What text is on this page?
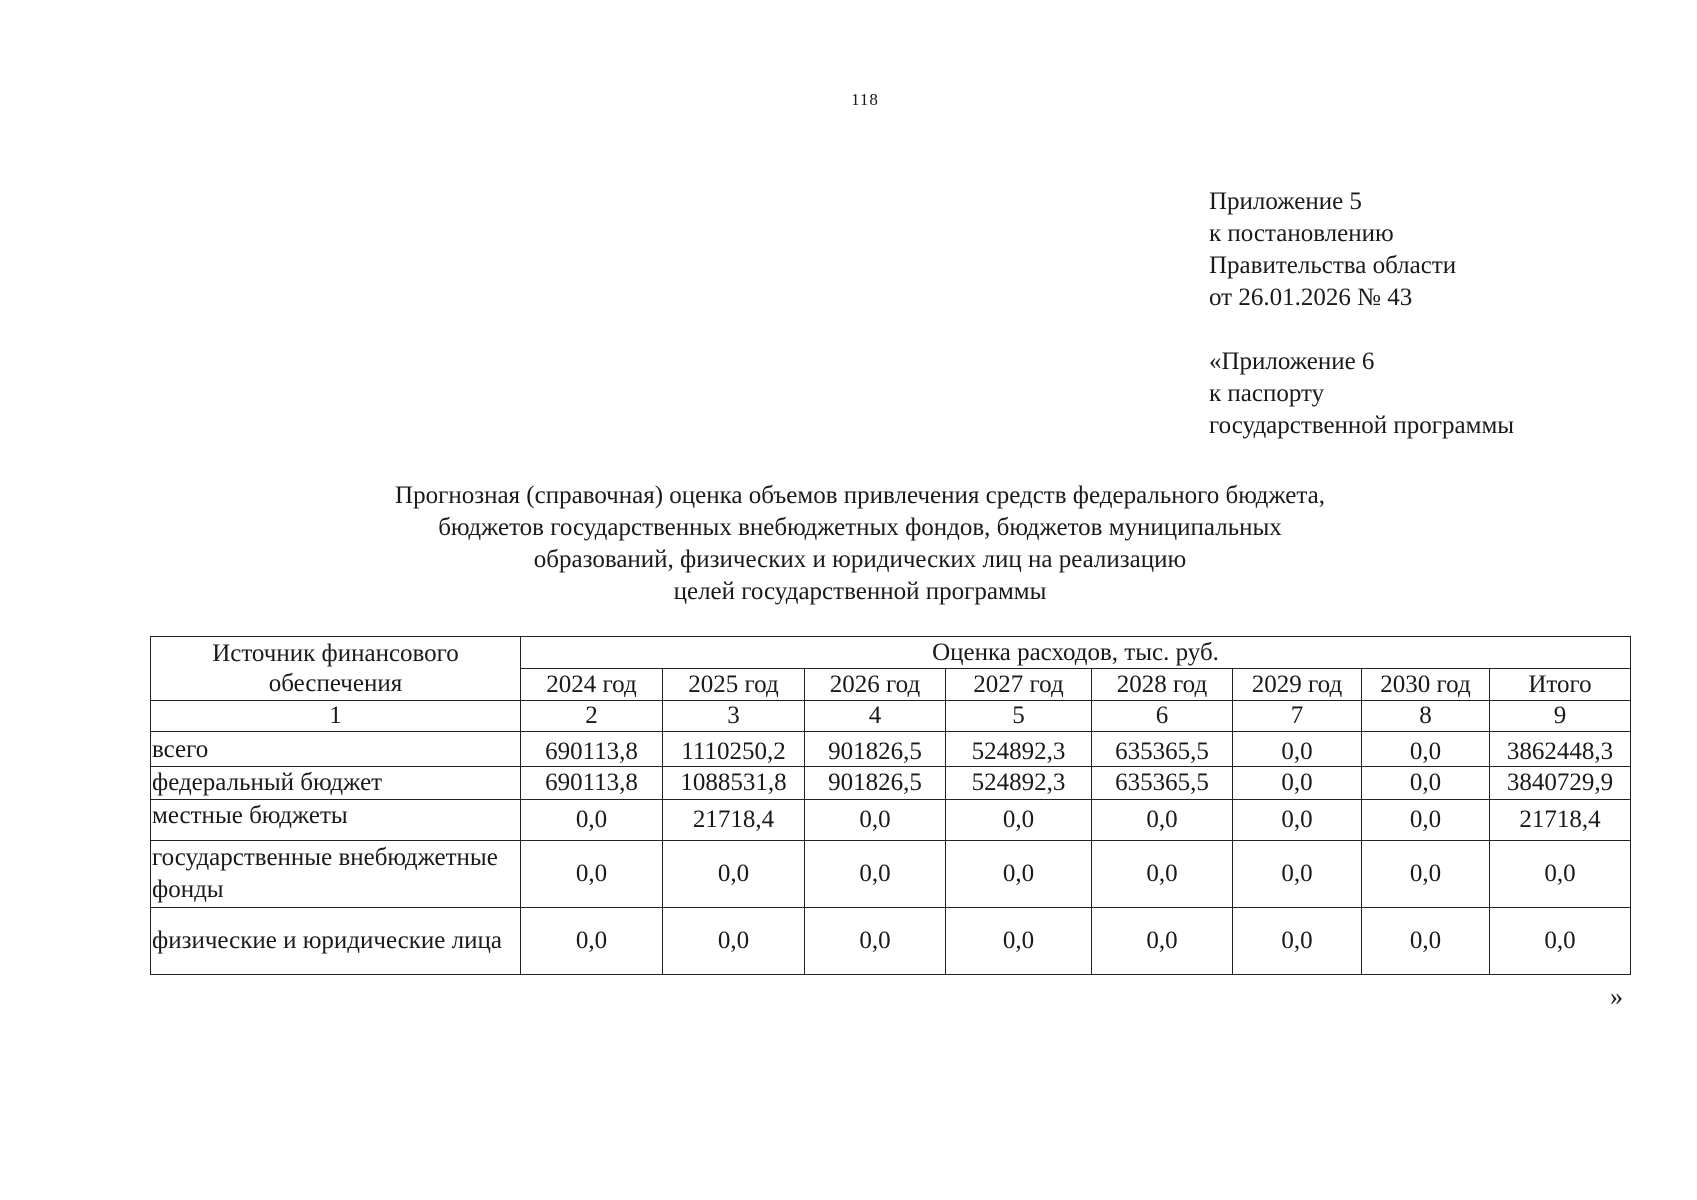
118
Приложение 5
к постановлению
Правительства области
от 26.01.2026 № 43
«Приложение 6
к паспорту
государственной программы
Прогнозная (справочная) оценка объемов привлечения средств федерального бюджета,
бюджетов государственных внебюджетных фондов, бюджетов муниципальных
образований, физических и юридических лиц на реализацию
целей государственной программы
Источник финансового обеспечения	Оценка расходов, тыс. руб.							
	2024 год	2025 год	2026 год	2027 год	2028 год	2029 год	2030 год	Итого
1	2	3	4	5	6	7	8	9
всего	690113,8	1110250,2	901826,5	524892,3	635365,5	0,0	0,0	3862448,3
федеральный бюджет	690113,8	1088531,8	901826,5	524892,3	635365,5	0,0	0,0	3840729,9
местные бюджеты	0,0	21718,4	0,0	0,0	0,0	0,0	0,0	21718,4
государственные внебюджетные фонды	0,0	0,0	0,0	0,0	0,0	0,0	0,0	0,0
физические и юридические лица	0,0	0,0	0,0	0,0	0,0	0,0	0,0	0,0
»
